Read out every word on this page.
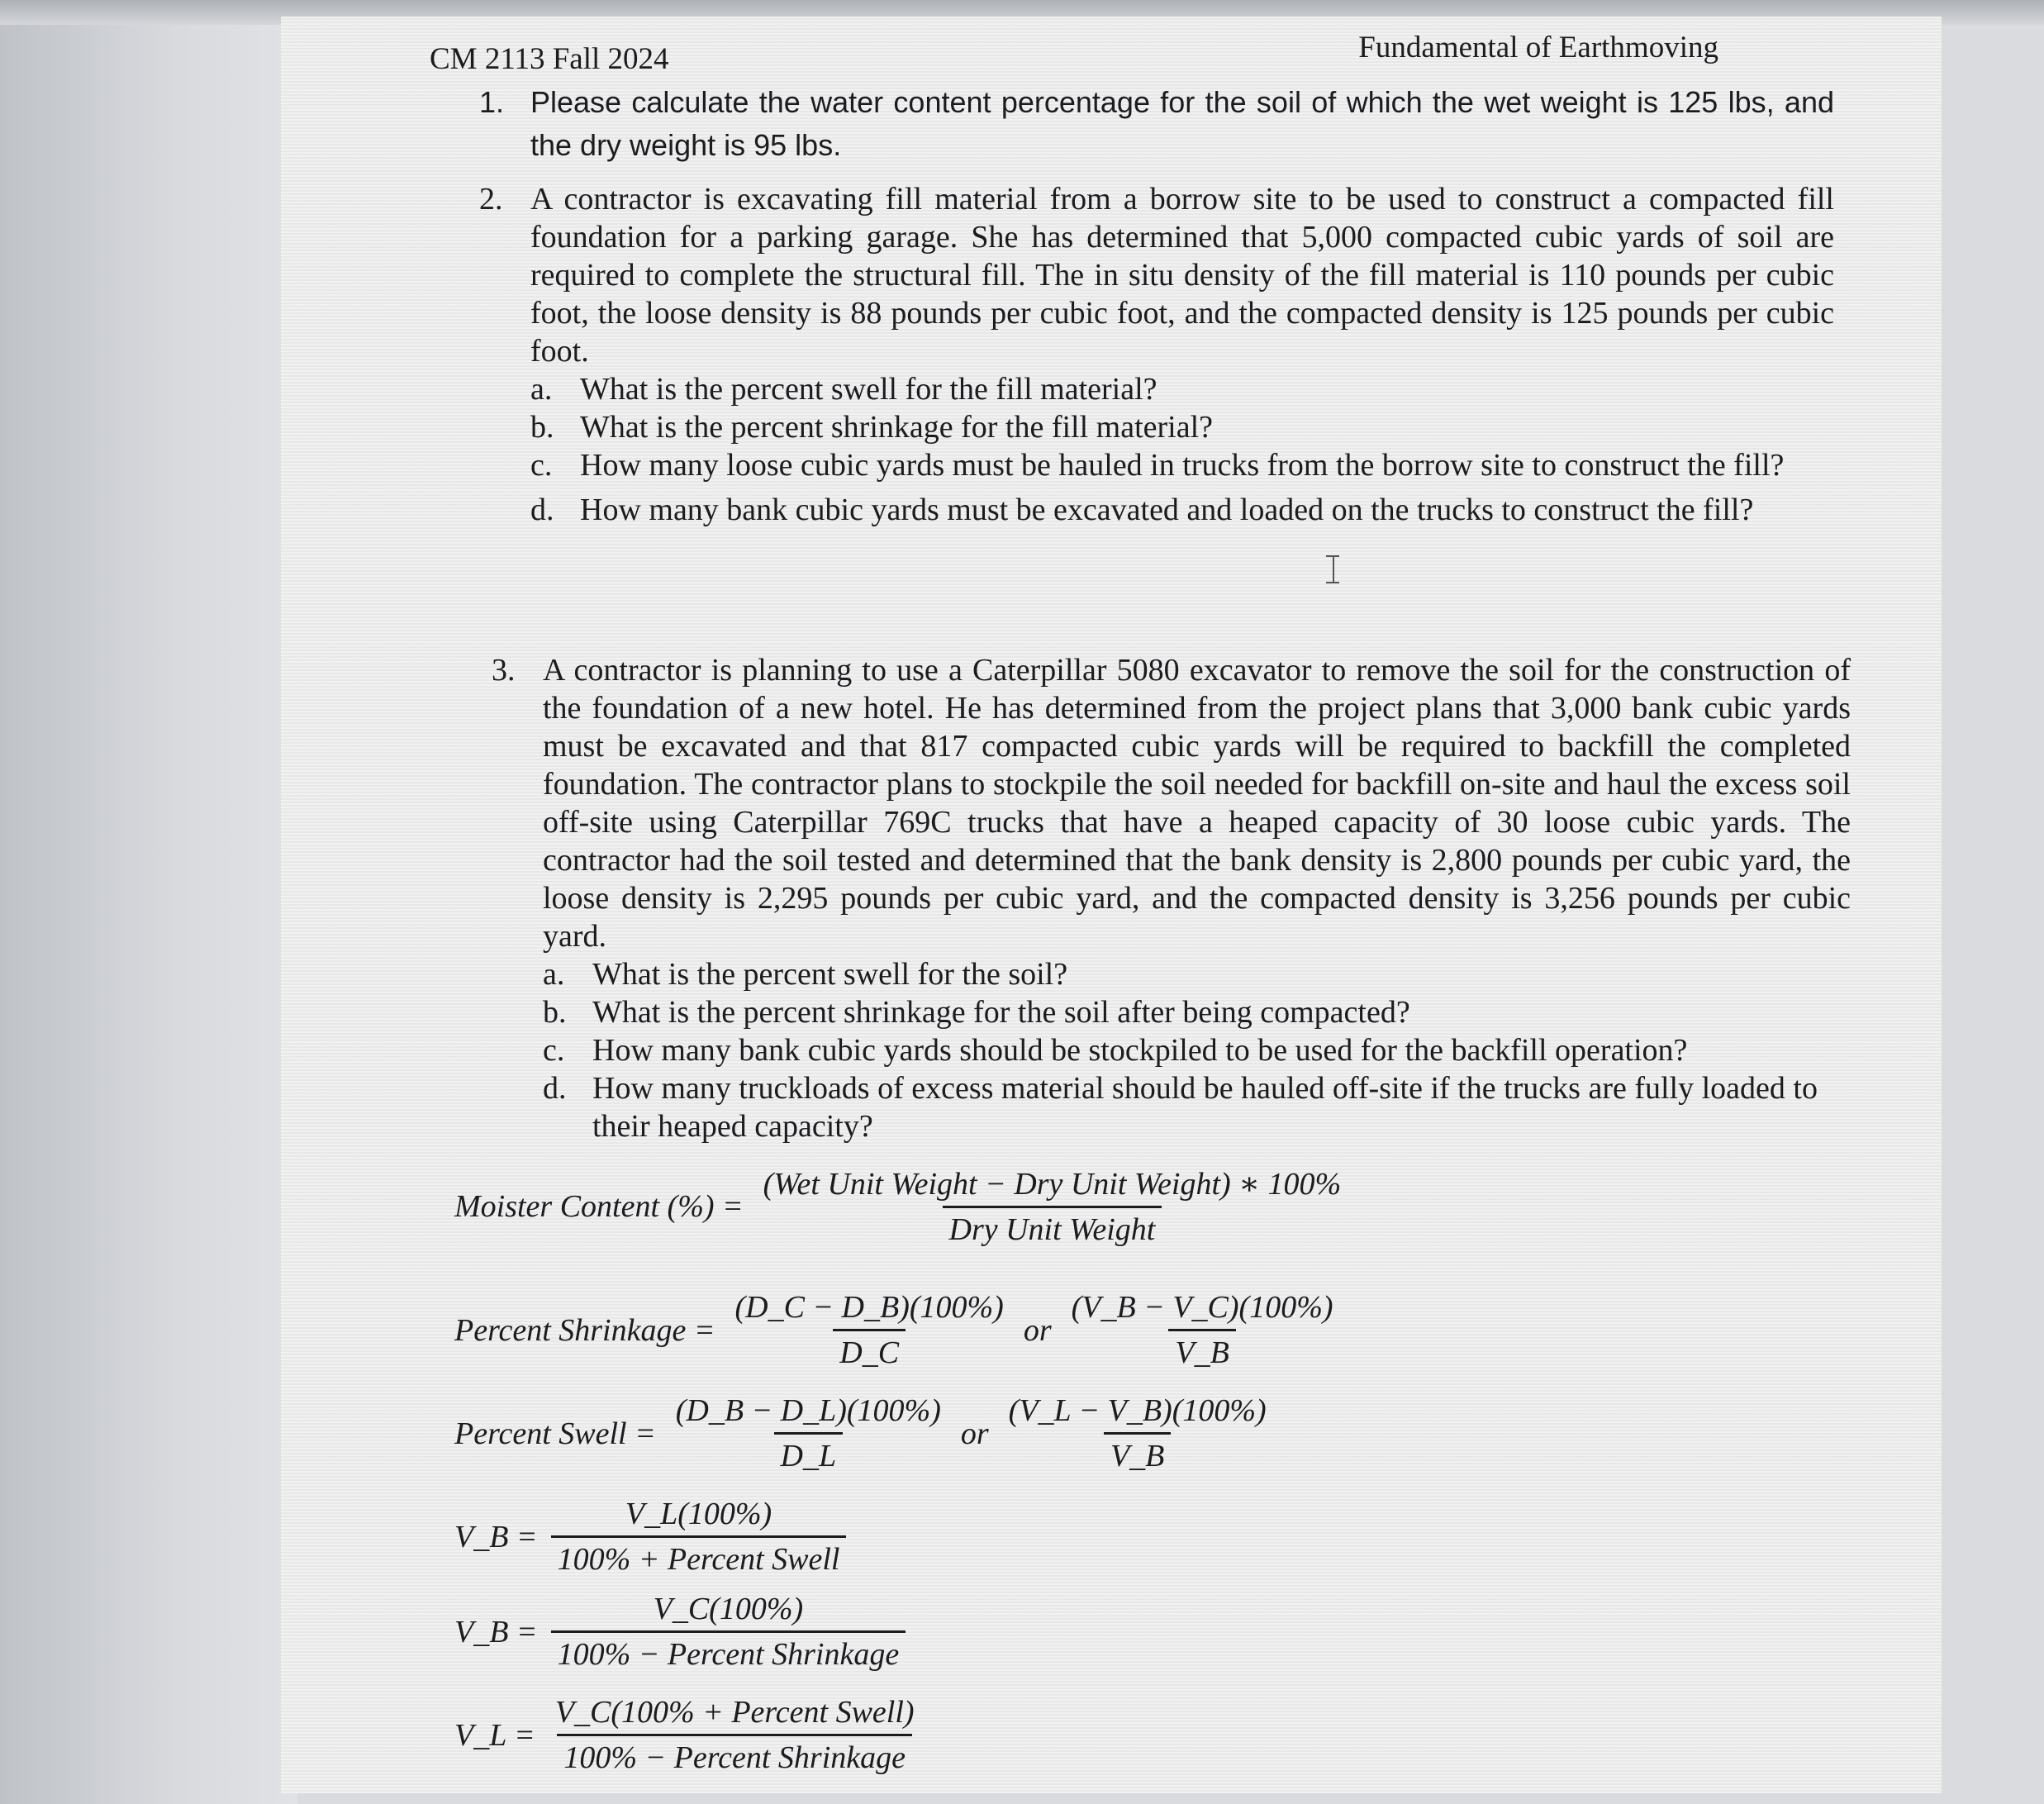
CM 2113 Fall 2024	Fundamental of Earthmoving
1. Please calculate the water content percentage for the soil of which the wet weight is 125 lbs, and the dry weight is 95 lbs.
2. A contractor is excavating fill material from a borrow site to be used to construct a compacted fill foundation for a parking garage. She has determined that 5,000 compacted cubic yards of soil are required to complete the structural fill. The in situ density of the fill material is 110 pounds per cubic foot, the loose density is 88 pounds per cubic foot, and the compacted density is 125 pounds per cubic foot.
a. What is the percent swell for the fill material?
b. What is the percent shrinkage for the fill material?
c. How many loose cubic yards must be hauled in trucks from the borrow site to construct the fill?
d. How many bank cubic yards must be excavated and loaded on the trucks to construct the fill?
3. A contractor is planning to use a Caterpillar 5080 excavator to remove the soil for the construction of the foundation of a new hotel. He has determined from the project plans that 3,000 bank cubic yards must be excavated and that 817 compacted cubic yards will be required to backfill the completed foundation. The contractor plans to stockpile the soil needed for backfill on-site and haul the excess soil off-site using Caterpillar 769C trucks that have a heaped capacity of 30 loose cubic yards. The contractor had the soil tested and determined that the bank density is 2,800 pounds per cubic yard, the loose density is 2,295 pounds per cubic yard, and the compacted density is 3,256 pounds per cubic yard.
a. What is the percent swell for the soil?
b. What is the percent shrinkage for the soil after being compacted?
c. How many bank cubic yards should be stockpiled to be used for the backfill operation?
d. How many truckloads of excess material should be hauled off-site if the trucks are fully loaded to their heaped capacity?
Moister Content (%) = $\frac{\text{(Wet Unit Weight − Dry Unit Weight) ∗ 100\%}}{\text{Dry Unit Weight}}$
Percent Shrinkage = $\frac{(D\_C - D\_B)(100\%)}{D\_C}$ or $\frac{(V\_B - V\_C)(100\%)}{V\_B}$
Percent Swell = $\frac{(D\_B - D\_L)(100\%)}{D\_L}$ or $\frac{(V\_L - V\_B)(100\%)}{V\_B}$
V_B = $\frac{V\_L(100\%)}{\text{100\% + Percent Swell}}$
V_B = $\frac{V\_C(100\%)}{\text{100\% − Percent Shrinkage}}$
V_L = $\frac{\text{V\_C(100\% + Percent Swell)}}{\text{100\% − Percent Shrinkage}}$
